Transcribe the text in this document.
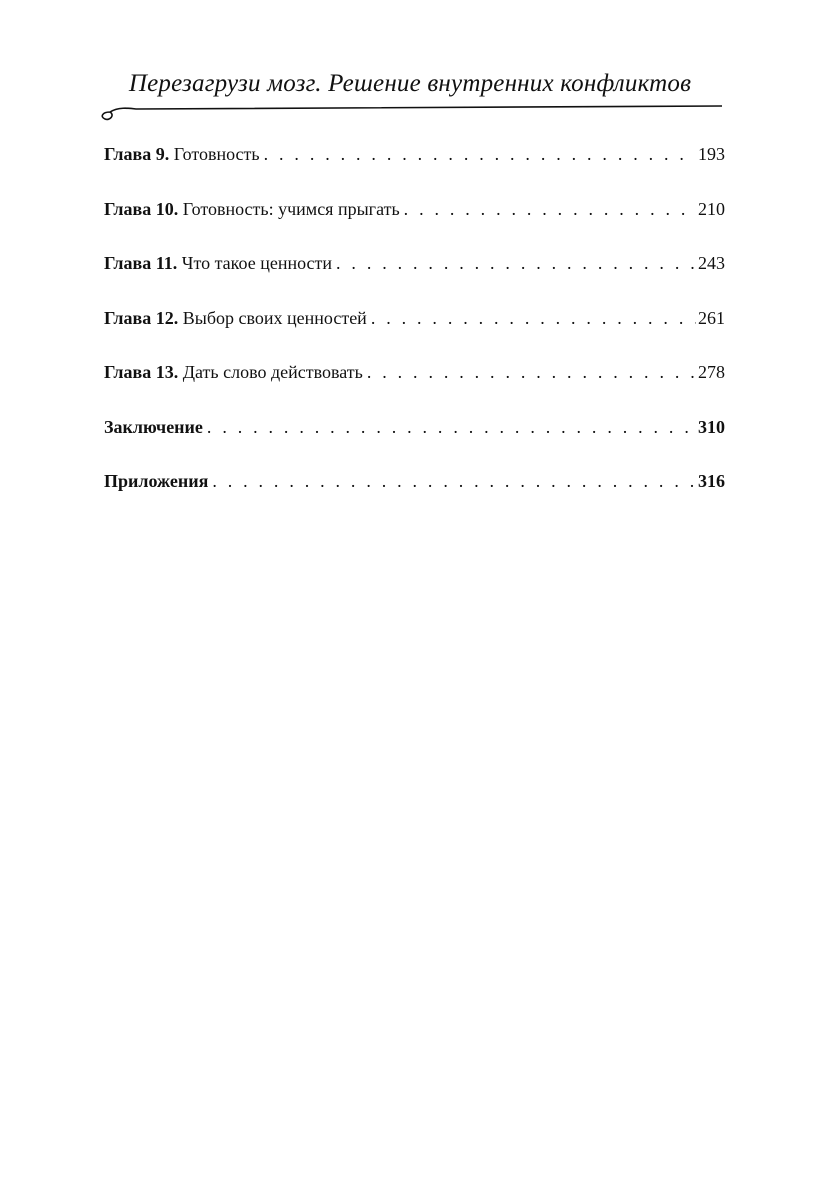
Перезагрузи мозг. Решение внутренних конфликтов
Глава 9. Готовность . . .	193
Глава 10. Готовность: учимся прыгать . . .	210
Глава 11. Что такое ценности . . .	243
Глава 12. Выбор своих ценностей . . .	261
Глава 13. Дать слово действовать . . .	278
Заключение . . .	310
Приложения . . .	316
